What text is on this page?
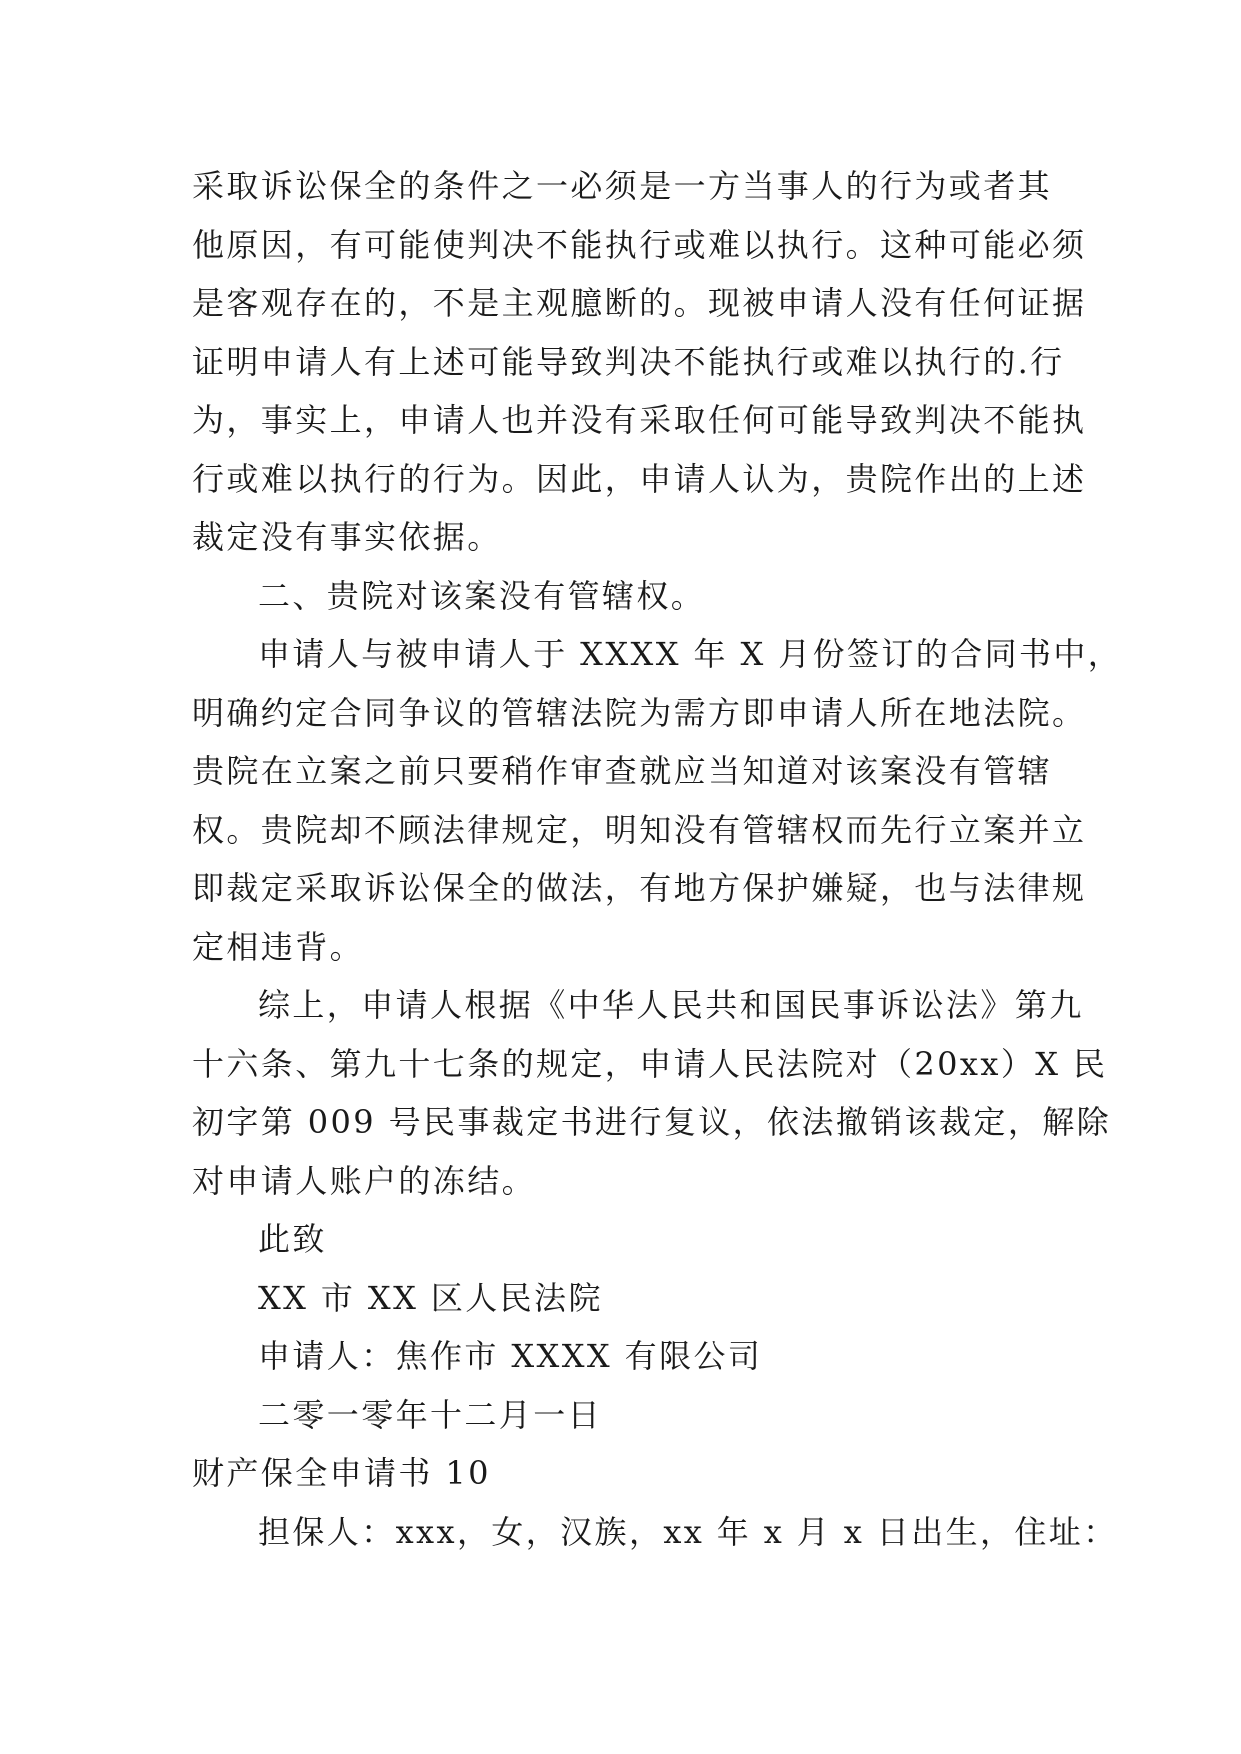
采取诉讼保全的条件之一必须是一方当事人的行为或者其
他原因，有可能使判决不能执行或难以执行。这种可能必须
是客观存在的，不是主观臆断的。现被申请人没有任何证据
证明申请人有上述可能导致判决不能执行或难以执行的.行
为，事实上，申请人也并没有采取任何可能导致判决不能执
行或难以执行的行为。因此，申请人认为，贵院作出的上述
裁定没有事实依据。
二、贵院对该案没有管辖权。
申请人与被申请人于 XXXX 年 X 月份签订的合同书中，
明确约定合同争议的管辖法院为需方即申请人所在地法院。
贵院在立案之前只要稍作审查就应当知道对该案没有管辖
权。贵院却不顾法律规定，明知没有管辖权而先行立案并立
即裁定采取诉讼保全的做法，有地方保护嫌疑，也与法律规
定相违背。
综上，申请人根据《中华人民共和国民事诉讼法》第九
十六条、第九十七条的规定，申请人民法院对（20xx）X 民
初字第 009 号民事裁定书进行复议，依法撤销该裁定，解除
对申请人账户的冻结。
此致
XX 市 XX 区人民法院
申请人：焦作市 XXXX 有限公司
二零一零年十二月一日
财产保全申请书 10
担保人：xxx，女，汉族，xx 年 x 月 x 日出生，住址：
